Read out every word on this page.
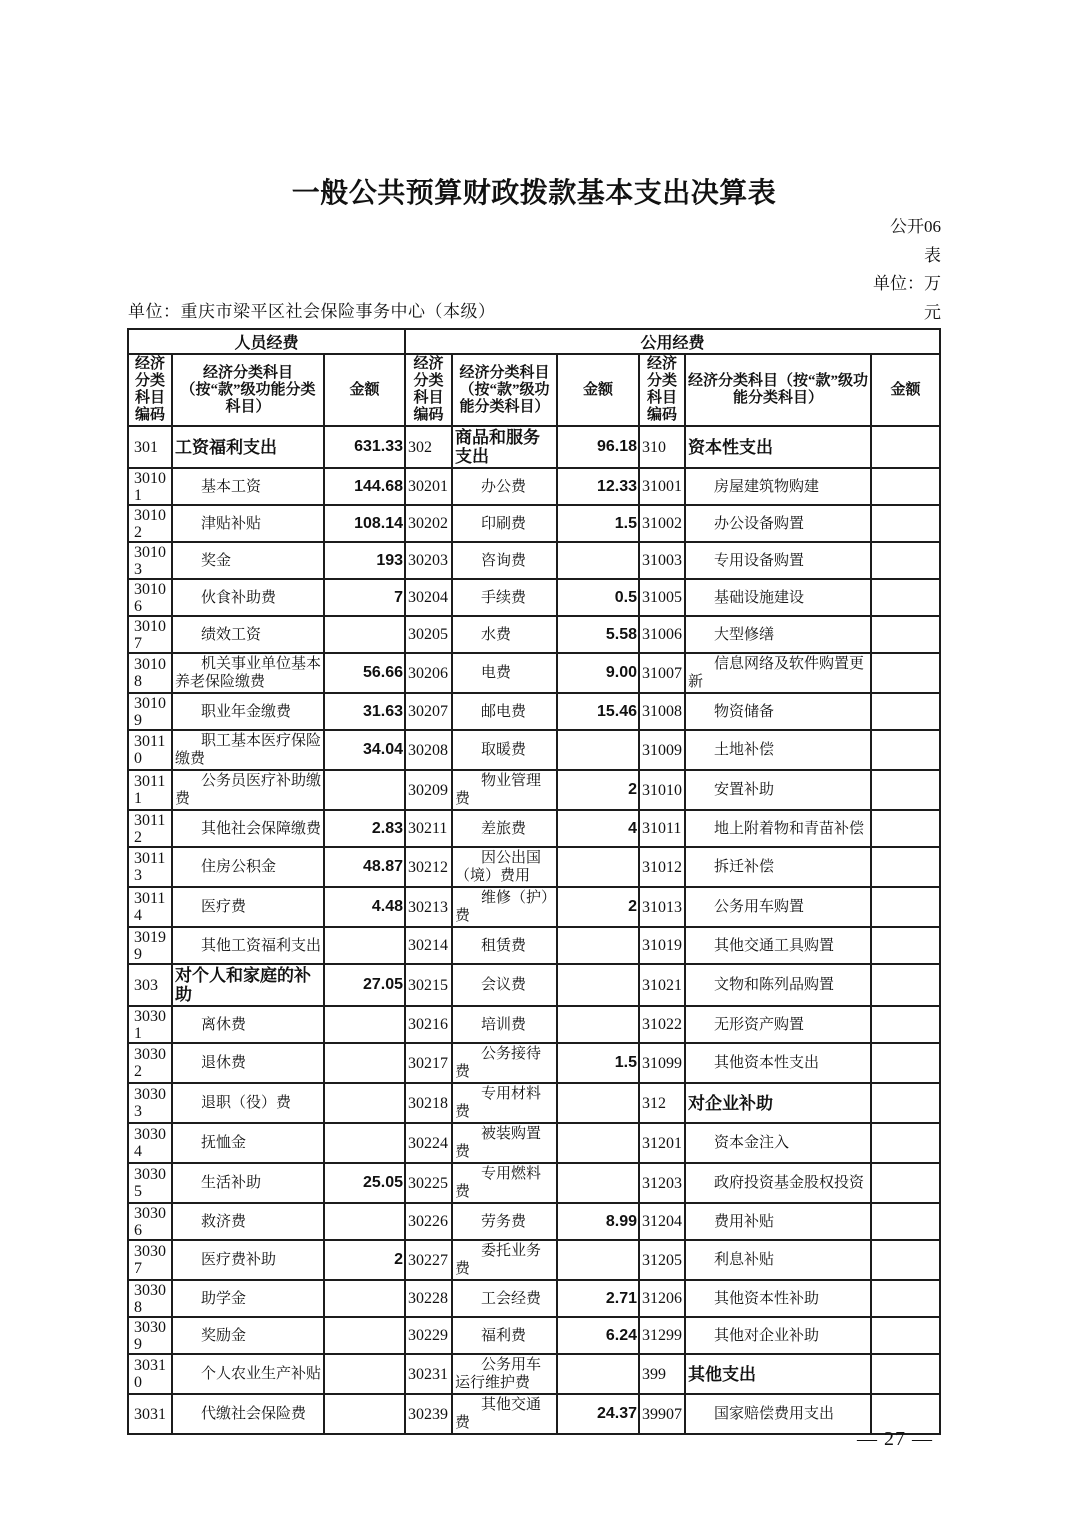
一般公共预算财政拨款基本支出决算表
公开06
表
单位：万
元
单位：重庆市梁平区社会保险事务中心（本级）
人员经费			公用经费					
经济分类科目编码	经济分类科目（按“款”级功能分类科目）	金额	经济分类科目编码	经济分类科目（按“款”级功能分类科目）	金额	经济分类科目编码	经济分类科目（按“款”级功能分类科目）	金额
301	工资福利支出	631.33	302	商品和服务支出	96.18	310	资本性支出	
30101	基本工资	144.68	30201	办公费	12.33	31001	房屋建筑物购建	
30102	津贴补贴	108.14	30202	印刷费	1.5	31002	办公设备购置	
30103	奖金	193	30203	咨询费		31003	专用设备购置	
30106	伙食补助费	7	30204	手续费	0.5	31005	基础设施建设	
30107	绩效工资		30205	水费	5.58	31006	大型修缮	
30108	机关事业单位基本养老保险缴费	56.66	30206	电费	9.00	31007	信息网络及软件购置更新	
30109	职业年金缴费	31.63	30207	邮电费	15.46	31008	物资储备	
30110	职工基本医疗保险缴费	34.04	30208	取暖费		31009	土地补偿	
30111	公务员医疗补助缴费		30209	物业管理费	2	31010	安置补助	
30112	其他社会保障缴费	2.83	30211	差旅费	4	31011	地上附着物和青苗补偿	
30113	住房公积金	48.87	30212	因公出国（境）费用		31012	拆迁补偿	
30114	医疗费	4.48	30213	维修（护）费	2	31013	公务用车购置	
30199	其他工资福利支出		30214	租赁费		31019	其他交通工具购置	
303	对个人和家庭的补助	27.05	30215	会议费		31021	文物和陈列品购置	
30301	离休费		30216	培训费		31022	无形资产购置	
30302	退休费		30217	公务接待费	1.5	31099	其他资本性支出	
30303	退职（役）费		30218	专用材料费		312	对企业补助	
30304	抚恤金		30224	被装购置费		31201	资本金注入	
30305	生活补助	25.05	30225	专用燃料费		31203	政府投资基金股权投资	
30306	救济费		30226	劳务费	8.99	31204	费用补贴	
30307	医疗费补助	2	30227	委托业务费		31205	利息补贴	
30308	助学金		30228	工会经费	2.71	31206	其他资本性补助	
30309	奖励金		30229	福利费	6.24	31299	其他对企业补助	
30310	个人农业生产补贴		30231	公务用车运行维护费		399	其他支出	
3031	代缴社会保险费		30239	其他交通费	24.37	39907	国家赔偿费用支出	
— 27 —
